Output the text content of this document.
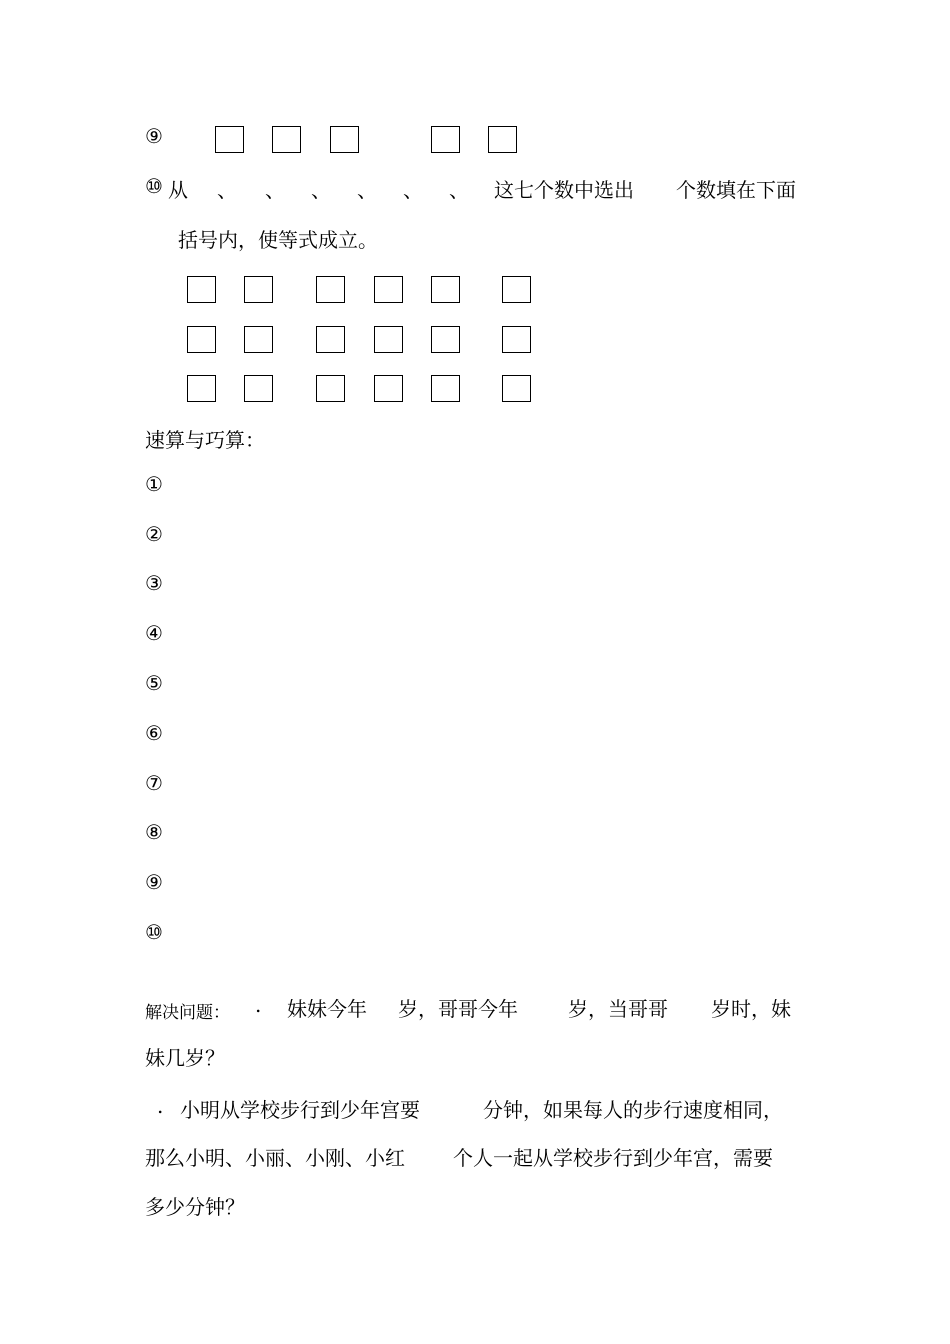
⑨
⑩ 从 、 、 、 、 、 、 这七个数中选出 个数填在下面
括号内，使等式成立。
速算与巧算：
①
②
③
④
⑤
⑥
⑦
⑧
⑨
⑩
解决问题： . 妹妹今年 岁，哥哥今年	岁，当哥哥 岁时，妹
妹几岁？
. 小明从学校步行到少年宫要	分钟，如果每人的步行速度相同，
那么小明、小丽、小刚、小红 个人一起从学校步行到少年宫，需要
多少分钟？
